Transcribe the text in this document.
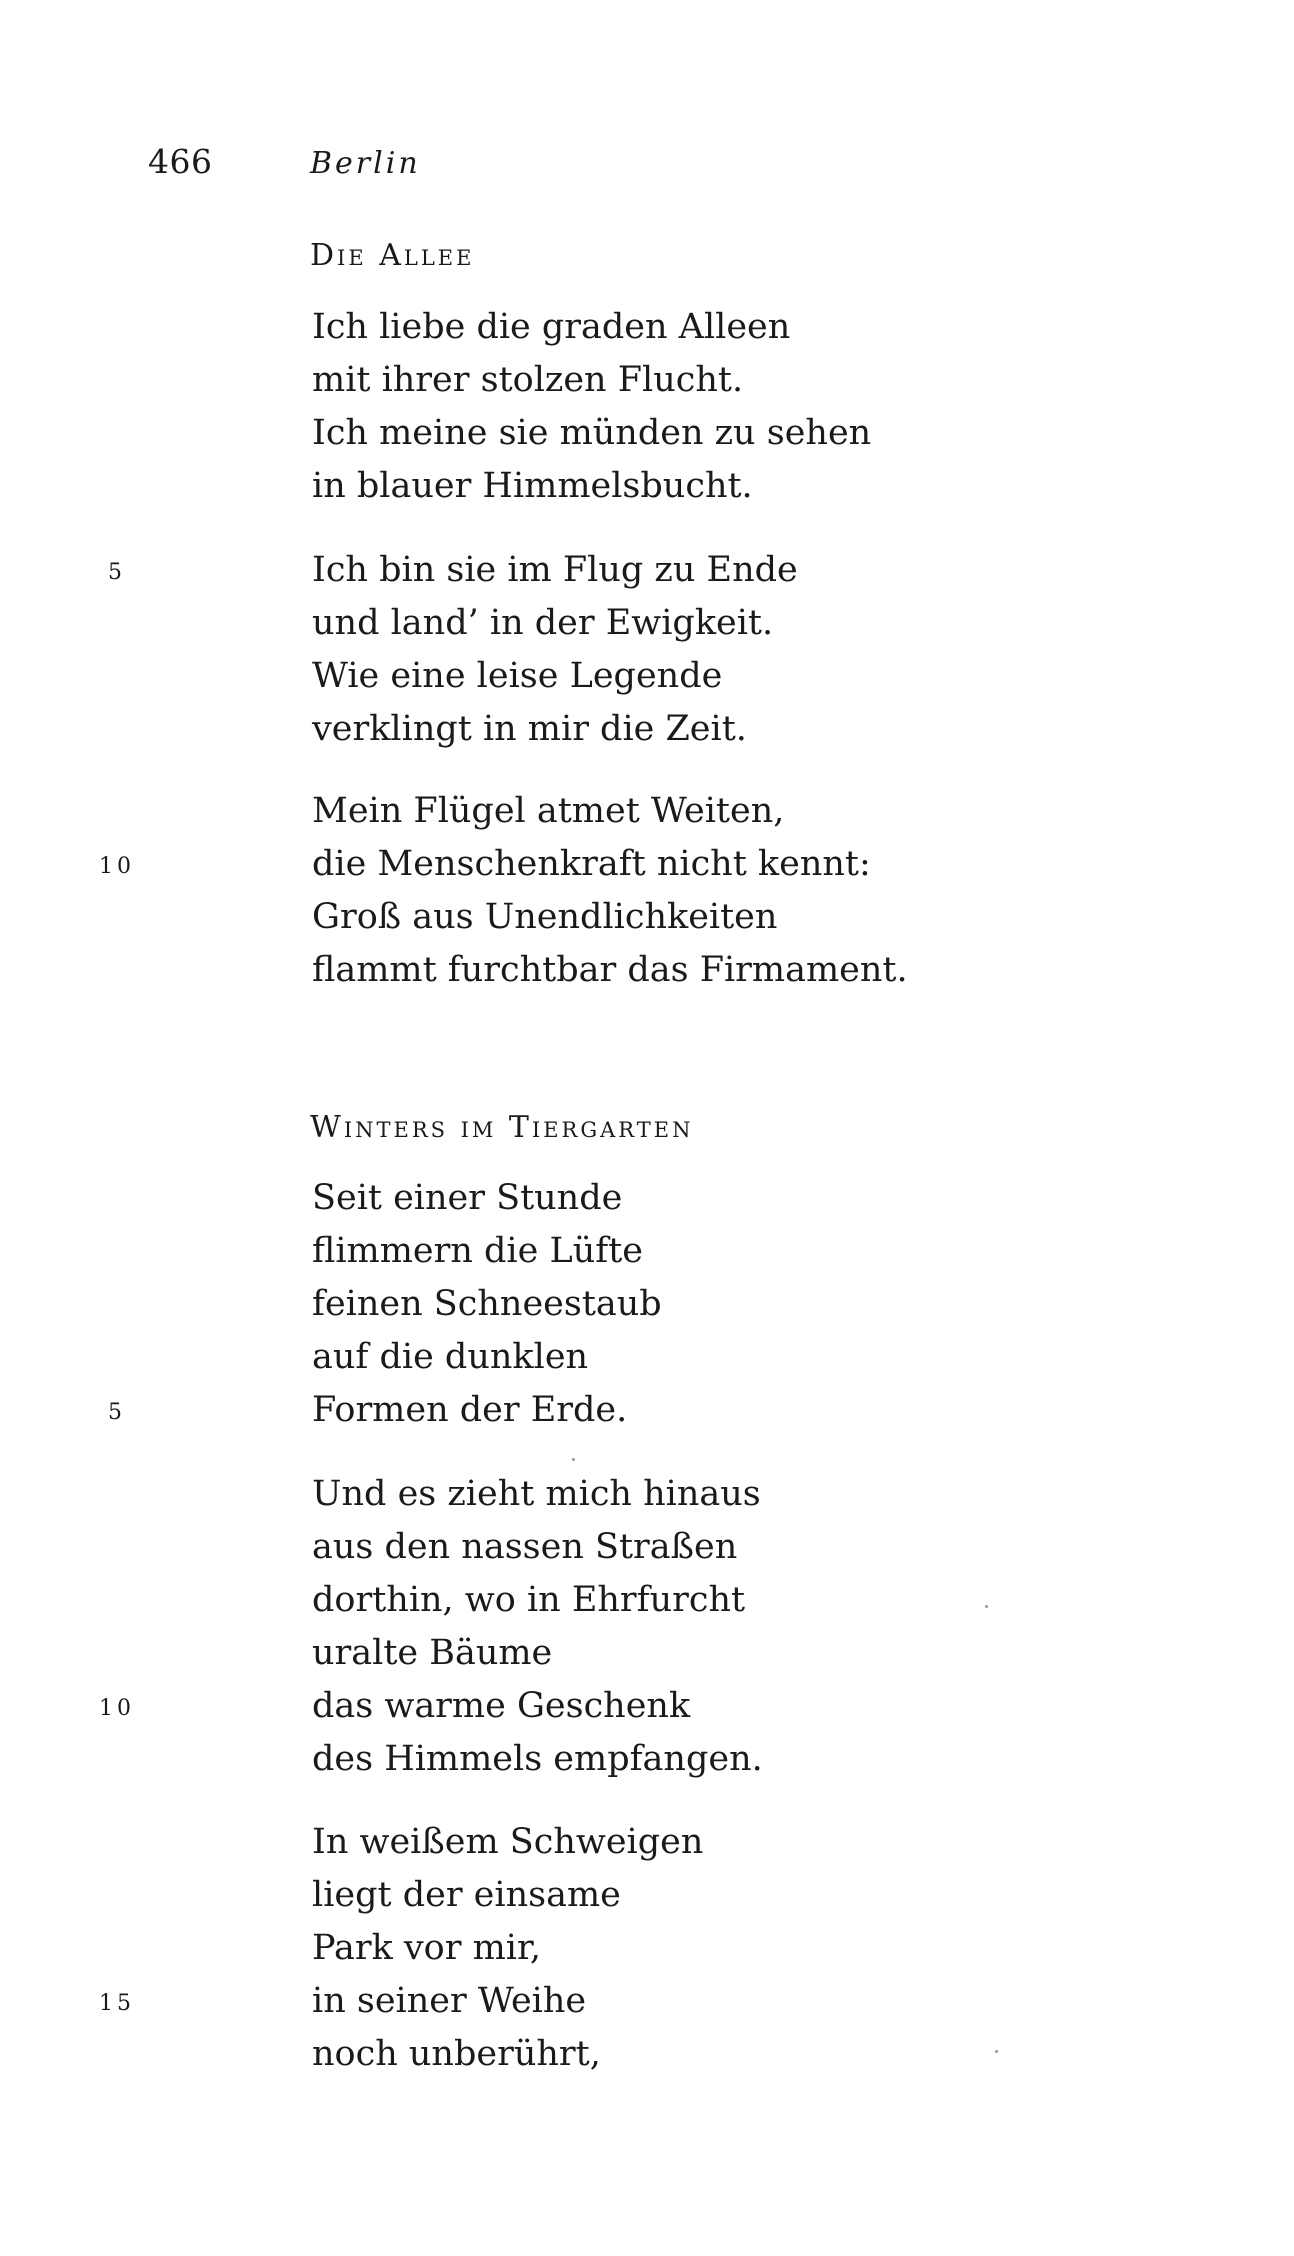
466	Berlin
Die Allee
Ich liebe die graden Alleen
mit ihrer stolzen Flucht.
Ich meine sie münden zu sehen
in blauer Himmelsbucht.
5	Ich bin sie im Flug zu Ende
und land’ in der Ewigkeit.
Wie eine leise Legende
verklingt in mir die Zeit.
Mein Flügel atmet Weiten,
10	die Menschenkraft nicht kennt:
Groß aus Unendlichkeiten
flammt furchtbar das Firmament.
Winters im Tiergarten
Seit einer Stunde
flimmern die Lüfte
feinen Schneestaub
auf die dunklen
5	Formen der Erde.
Und es zieht mich hinaus
aus den nassen Straßen
dorthin, wo in Ehrfurcht
uralte Bäume
10	das warme Geschenk
des Himmels empfangen.
In weißem Schweigen
liegt der einsame
Park vor mir,
15	in seiner Weihe
noch unberührt,
